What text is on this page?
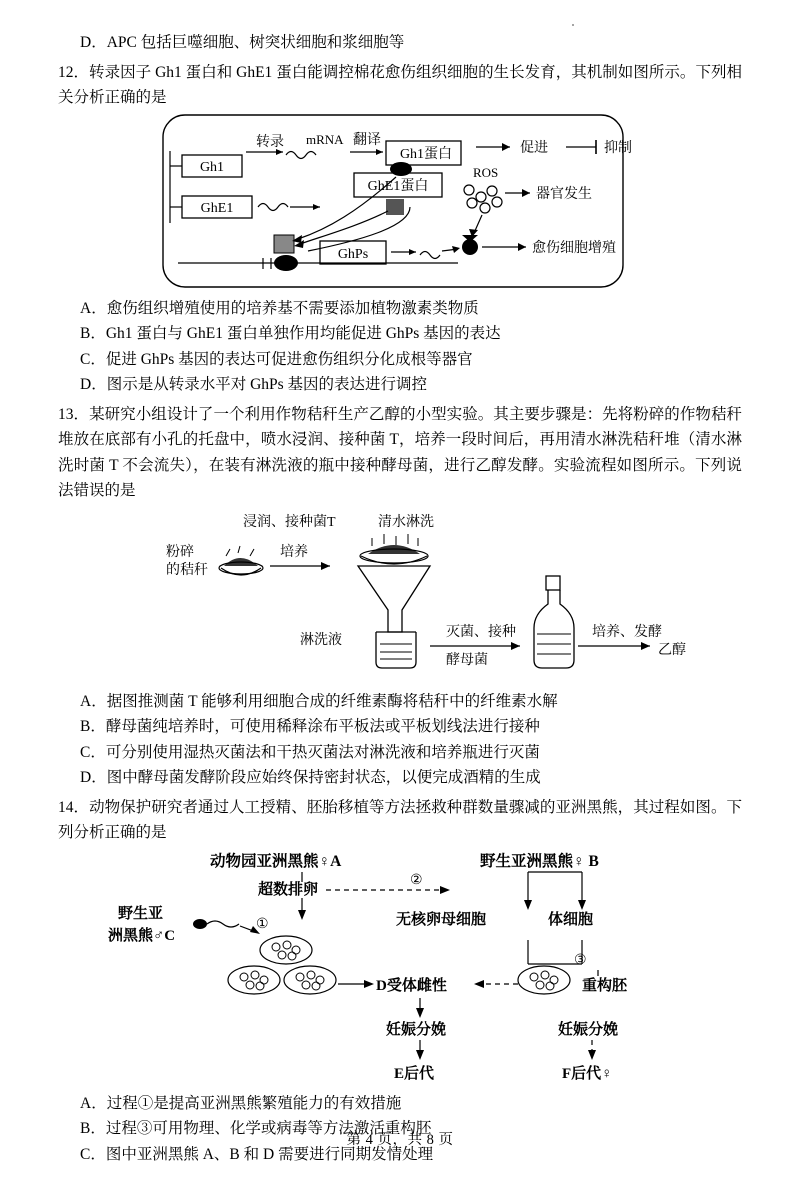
D．APC 包括巨噬细胞、树突状细胞和浆细胞等

12．转录因子 Gh1 蛋白和 GhE1 蛋白能调控棉花愈伤组织细胞的生长发育，其机制如图所示。下列相关分析正确的是

Gh1
GhE1
转录 mRNA 翻译
Gh1蛋白
GhE1蛋白
促进	抑制
ROS
器官发生
愈伤细胞增殖
GhPs

A．愈伤组织增殖使用的培养基不需要添加植物激素类物质

B．Gh1 蛋白与 GhE1 蛋白单独作用均能促进 GhPs 基因的表达

C．促进 GhPs 基因的表达可促进愈伤组织分化成根等器官

D．图示是从转录水平对 GhPs 基因的表达进行调控

13．某研究小组设计了一个利用作物秸秆生产乙醇的小型实验。其主要步骤是：先将粉碎的作物秸秆堆放在底部有小孔的托盘中，喷水浸润、接种菌 T，培养一段时间后，再用清水淋洗秸秆堆（清水淋洗时菌 T 不会流失），在装有淋洗液的瓶中接种酵母菌，进行乙醇发酵。实验流程如图所示。下列说法错误的是

浸润、接种菌T	清水淋洗
粉碎
的秸秆
培养
淋洗液
灭菌、接种
酵母菌
培养、发酵
乙醇

A．据图推测菌 T 能够利用细胞合成的纤维素酶将秸秆中的纤维素水解

B．酵母菌纯培养时，可使用稀释涂布平板法或平板划线法进行接种

C．可分别使用湿热灭菌法和干热灭菌法对淋洗液和培养瓶进行灭菌

D．图中酵母菌发酵阶段应始终保持密封状态，以便完成酒精的生成

14．动物保护研究者通过人工授精、胚胎移植等方法拯救种群数量骤减的亚洲黑熊，其过程如图。下列分析正确的是

动物园亚洲黑熊♀A	野生亚洲黑熊♀ B
超数排卵
②
野生亚
洲黑熊♂C
①	无核卵母细胞	体细胞
D受体雌性	重构胚
③
妊娠分娩
E后代
妊娠分娩
F后代♀

A．过程①是提高亚洲黑熊繁殖能力的有效措施

B．过程③可用物理、化学或病毒等方法激活重构胚

C．图中亚洲黑熊 A、B 和 D 需要进行同期发情处理

第 4 页，共 8 页
